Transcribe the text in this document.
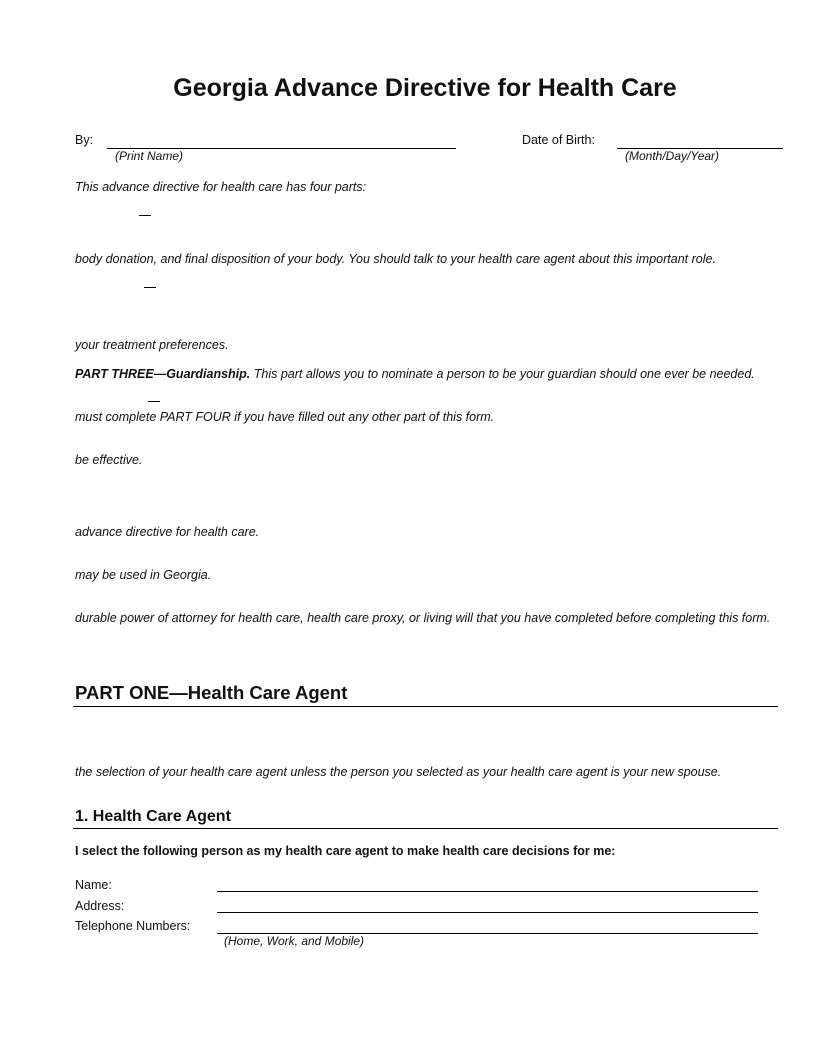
Georgia Advance Directive for Health Care
By:
(Print Name)
Date of Birth:
(Month/Day/Year)
This advance directive for health care has four parts:
body donation, and final disposition of your body. You should talk to your health care agent about this important role.
your treatment preferences.
PART THREE—Guardianship. This part allows you to nominate a person to be your guardian should one ever be needed.
must complete PART FOUR if you have filled out any other part of this form.
be effective.
advance directive for health care.
may be used in Georgia.
durable power of attorney for health care, health care proxy, or living will that you have completed before completing this form.
PART ONE—Health Care Agent
the selection of your health care agent unless the person you selected as your health care agent is your new spouse.
1. Health Care Agent
I select the following person as my health care agent to make health care decisions for me:
Name:
Address:
Telephone Numbers:
(Home, Work, and Mobile)
